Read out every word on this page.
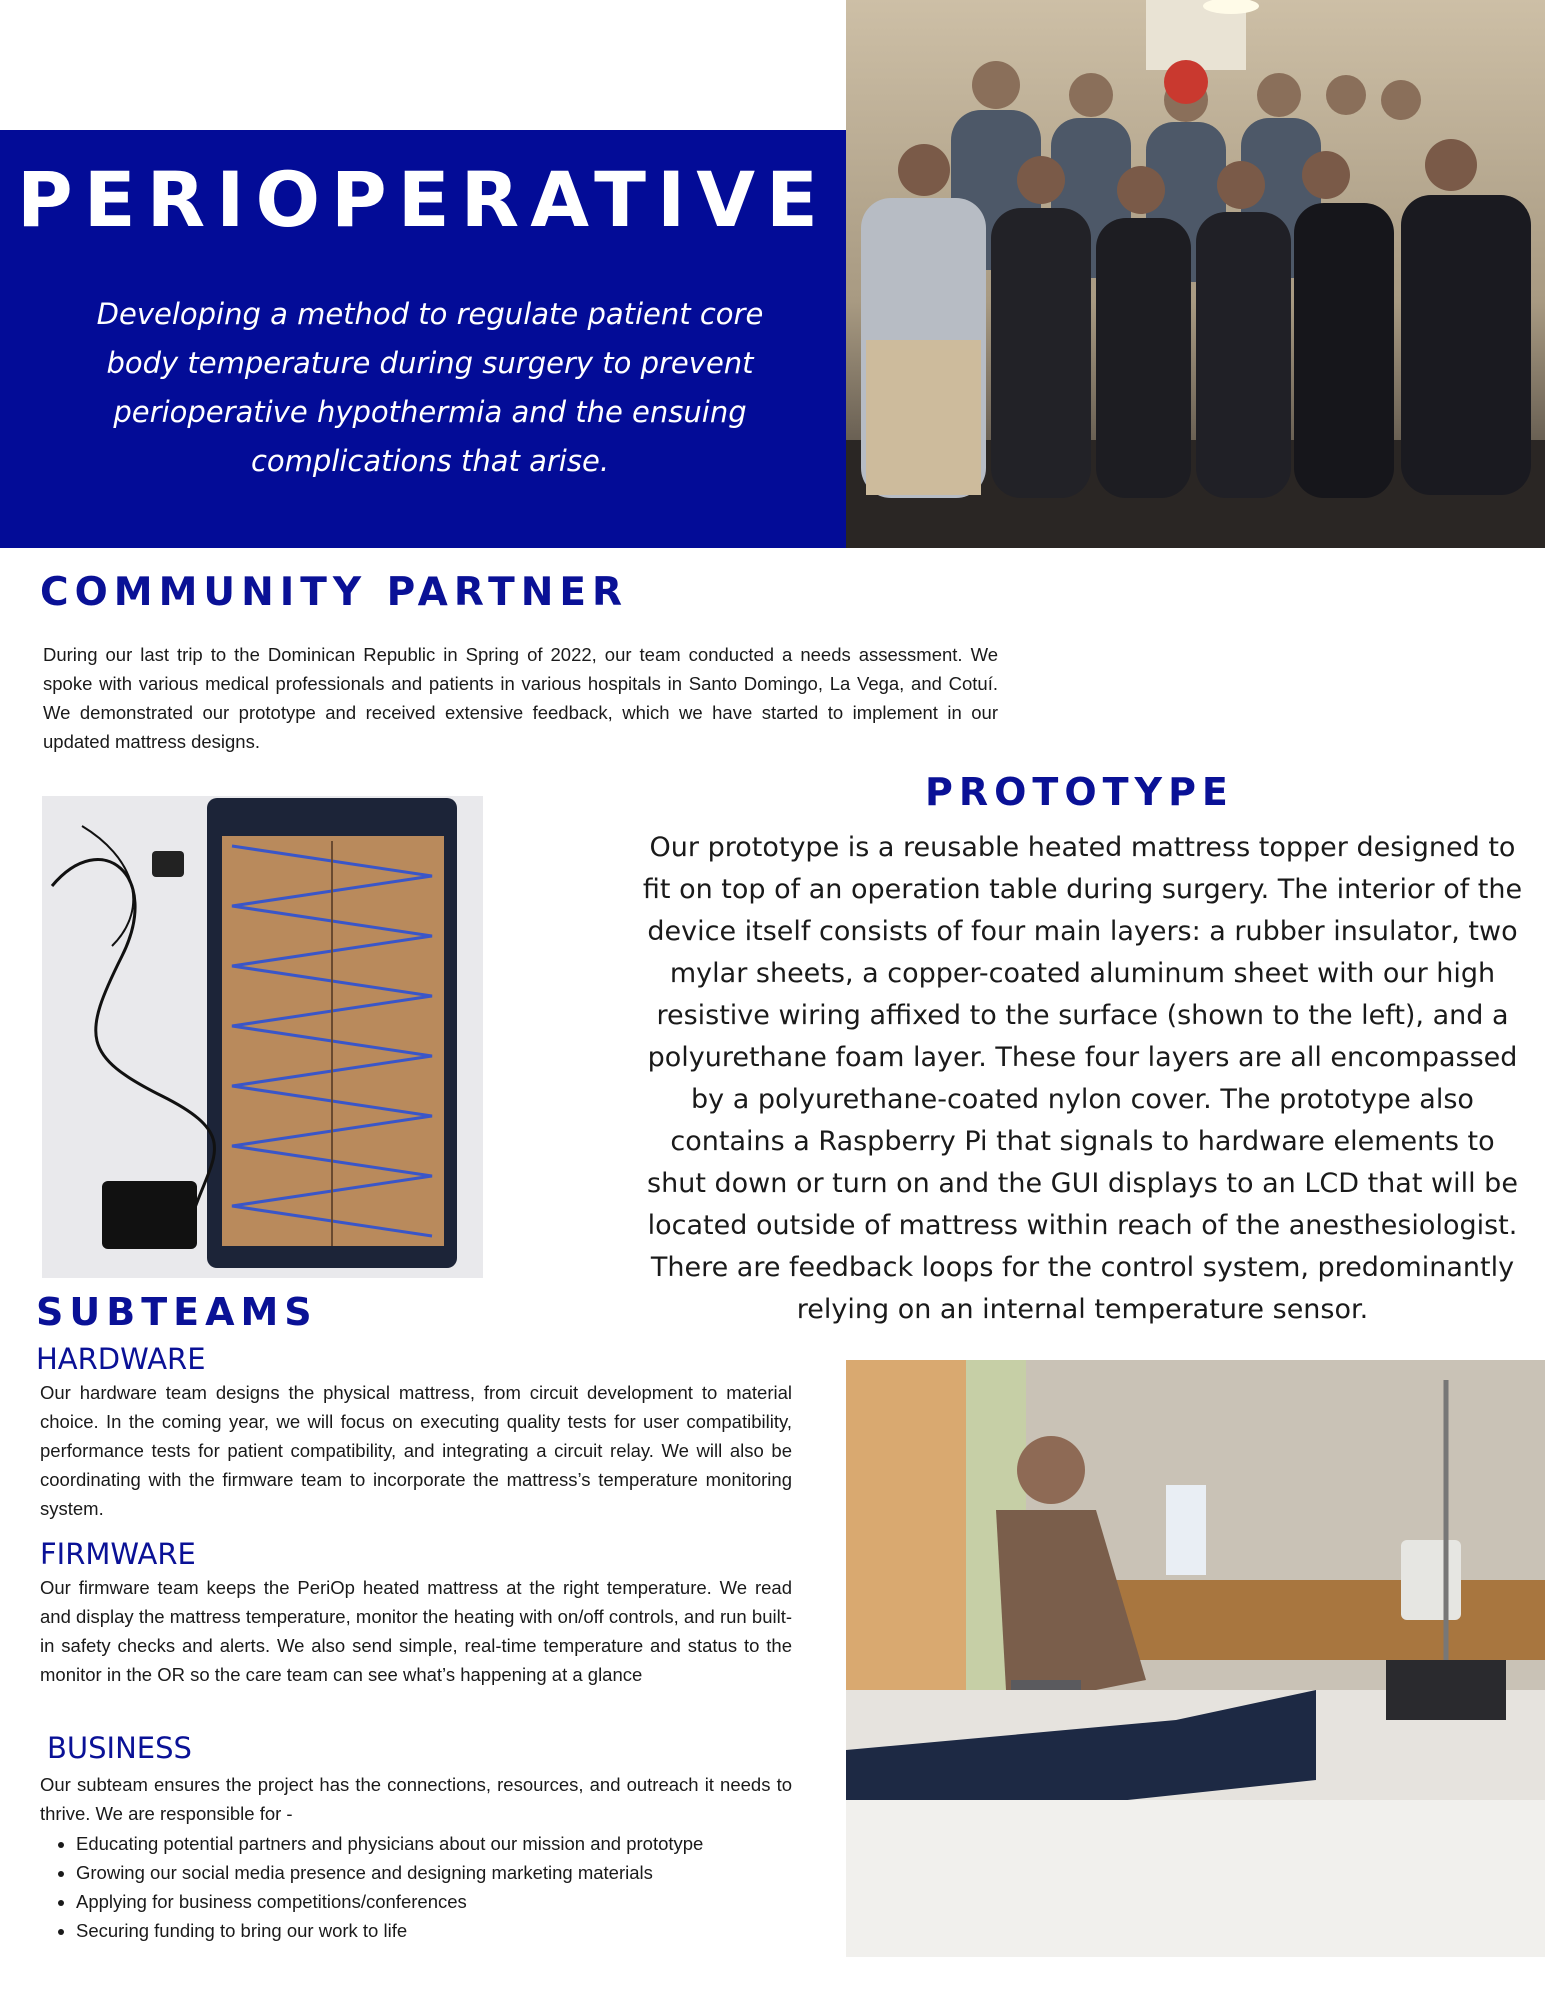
PERIOPERATIVE

Developing a method to regulate patient core body temperature during surgery to prevent perioperative hypothermia and the ensuing complications that arise.

COMMUNITY PARTNER

During our last trip to the Dominican Republic in Spring of 2022, our team conducted a needs assessment. We spoke with various medical professionals and patients in various hospitals in Santo Domingo, La Vega, and Cotuí. We demonstrated our prototype and received extensive feedback, which we have started to implement in our updated mattress designs.

PROTOTYPE

Our prototype is a reusable heated mattress topper designed to fit on top of an operation table during surgery. The interior of the device itself consists of four main layers: a rubber insulator, two mylar sheets, a copper-coated aluminum sheet with our high resistive wiring affixed to the surface (shown to the left), and a polyurethane foam layer. These four layers are all encompassed by a polyurethane-coated nylon cover. The prototype also contains a Raspberry Pi that signals to hardware elements to shut down or turn on and the GUI displays to an LCD that will be located outside of mattress within reach of the anesthesiologist. There are feedback loops for the control system, predominantly relying on an internal temperature sensor.

SUBTEAMS
HARDWARE

Our hardware team designs the physical mattress, from circuit development to material choice. In the coming year, we will focus on executing quality tests for user compatibility, performance tests for patient compatibility, and integrating a circuit relay. We will also be coordinating with the firmware team to incorporate the mattress’s temperature monitoring system.

FIRMWARE

Our firmware team keeps the PeriOp heated mattress at the right temperature. We read and display the mattress temperature, monitor the heating with on/off controls, and run built-in safety checks and alerts. We also send simple, real-time temperature and status to the monitor in the OR so the care team can see what’s happening at a glance

BUSINESS

Our subteam ensures the project has the connections, resources, and outreach it needs to thrive. We are responsible for -

• Educating potential partners and physicians about our mission and prototype
• Growing our social media presence and designing marketing materials
• Applying for business competitions/conferences
• Securing funding to bring our work to life
